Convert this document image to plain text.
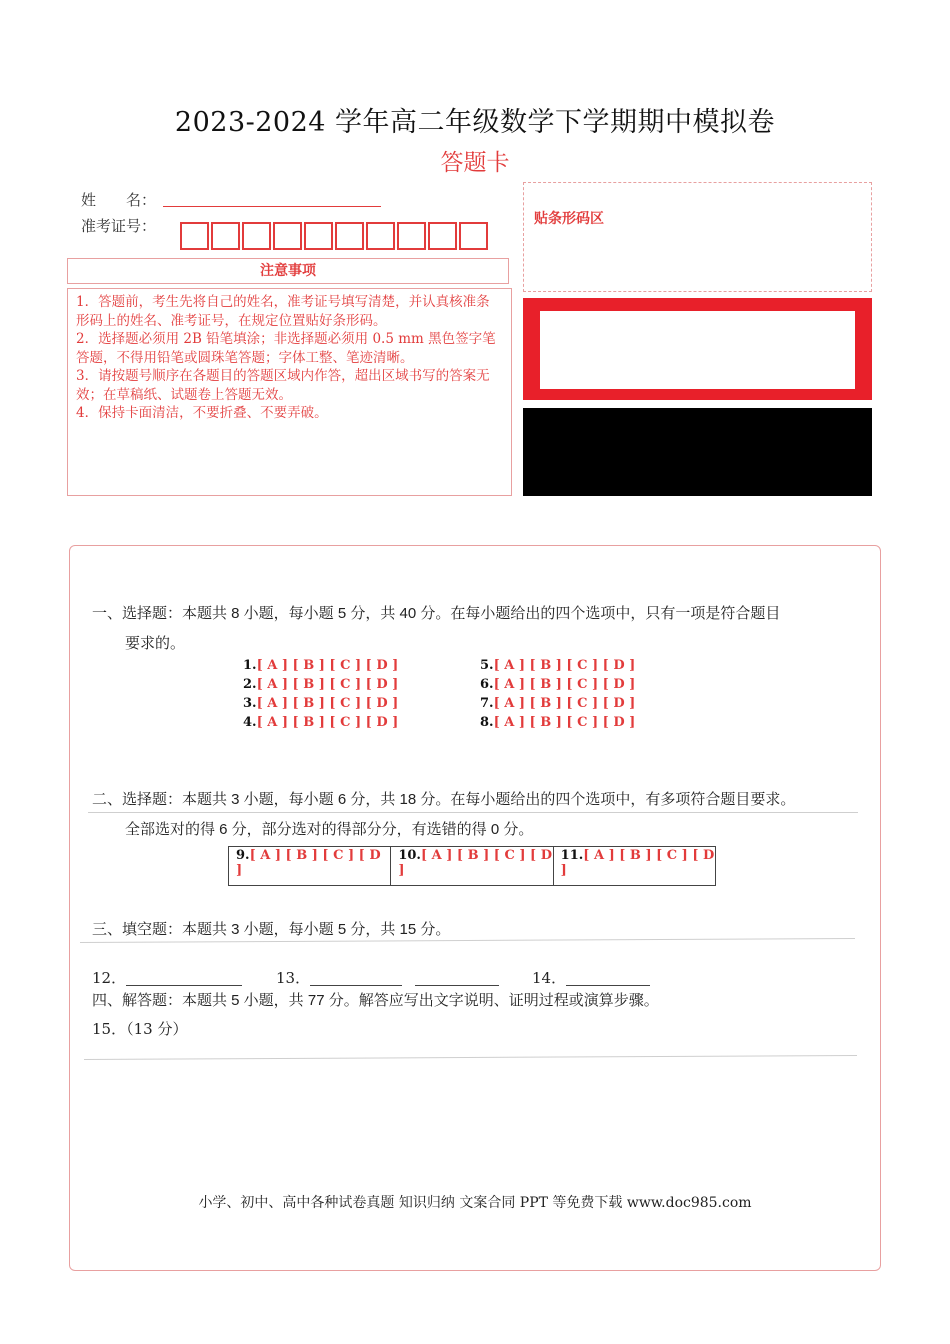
2023-2024 学年高二年级数学下学期期中模拟卷
答题卡
姓　　名：
准考证号：
注意事项

1．答题前，考生先将自己的姓名，准考证号填写清楚，并认真核准条形码上的姓名、准考证号，在规定位置贴好条形码。

2．选择题必须用 2B 铅笔填涂；非选择题必须用 0.5 mm 黑色签字笔答题，不得用铅笔或圆珠笔答题；字体工整、笔迹清晰。

3．请按题号顺序在各题目的答题区域内作答，超出区域书写的答案无效；在草稿纸、试题卷上答题无效。

4．保持卡面清洁，不要折叠、不要弄破。

贴条形码区
一、选择题：本题共 8 小题，每小题 5 分，共 40 分。在每小题给出的四个选项中，只有一项是符合题目
要求的。
1.[ A ] [ B ] [ C ] [ D ]
2.[ A ] [ B ] [ C ] [ D ]
3.[ A ] [ B ] [ C ] [ D ]
4.[ A ] [ B ] [ C ] [ D ]
5.[ A ] [ B ] [ C ] [ D ]
6.[ A ] [ B ] [ C ] [ D ]
7.[ A ] [ B ] [ C ] [ D ]
8.[ A ] [ B ] [ C ] [ D ]
二、选择题：本题共 3 小题，每小题 6 分，共 18 分。在每小题给出的四个选项中，有多项符合题目要求。
全部选对的得 6 分，部分选对的得部分分，有选错的得 0 分。
9.[ A ] [ B ] [ C ] [ D ]
10.[ A ] [ B ] [ C ] [ D ]
11.[ A ] [ B ] [ C ] [ D ]
三、填空题：本题共 3 小题，每小题 5 分，共 15 分。
12．	13．	14．
四、解答题：本题共 5 小题，共 77 分。解答应写出文字说明、证明过程或演算步骤。
15．（13 分）
小学、初中、高中各种试卷真题 知识归纳 文案合同 PPT 等免费下载 www.doc985.com
